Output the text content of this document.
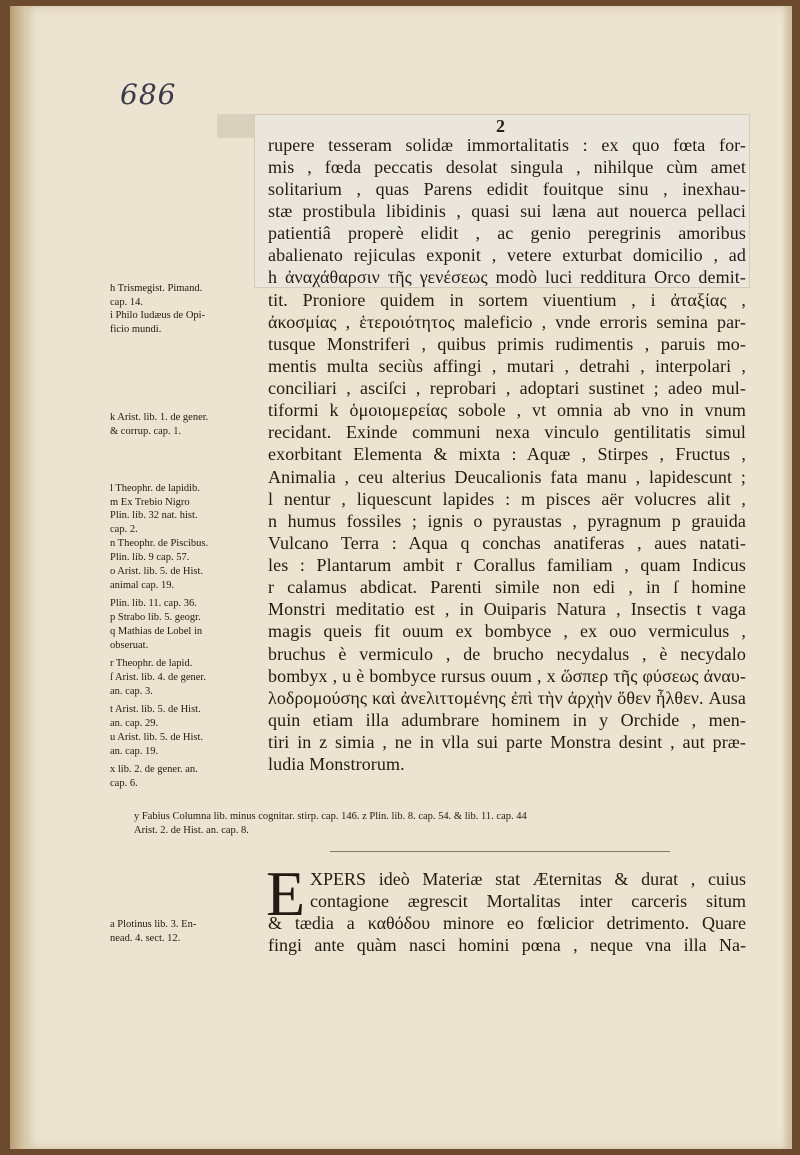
686
2
rupere tesseram solidæ immortalitatis : ex quo fœta for-
mis , fœda peccatis desolat singula , nihilque cùm amet
solitarium , quas Parens edidit fouitque sinu , inexhau-
stæ prostibula libidinis , quasi sui læna aut nouerca pellaci
patientiâ properè elidit , ac genio peregrinis amoribus
abalienato rejiculas exponit , vetere exturbat domicilio , ad
h ἀναχάθαρσιν τῆς γενέσεως modò luci redditura Orco demit-
tit. Proniore quidem in sortem viuentium , i ἀταξίας ,
ἀκοσμίας , ἑτεροιότητος maleficio , vnde erroris semina par-
tusque Monstriferi , quibus primis rudimentis , paruis mo-
mentis multa seciùs affingi , mutari , detrahi , interpolari ,
conciliari , asciſci , reprobari , adoptari sustinet ; adeo mul-
tiformi k ὁμοιομερείας sobole , vt omnia ab vno in vnum
recidant. Exinde communi nexa vinculo gentilitatis simul
exorbitant Elementa & mixta : Aquæ , Stirpes , Fructus ,
Animalia , ceu alterius Deucalionis fata manu , lapidescunt ;
l nentur , liquescunt lapides : m pisces aër volucres alit ,
n humus fossiles ; ignis o pyraustas , pyragnum p grauida
Vulcano Terra : Aqua q conchas anatiferas , aues natati-
les : Plantarum ambit r Corallus familiam , quam Indicus
r calamus abdicat. Parenti simile non edi , in ſ homine
Monstri meditatio est , in Ouiparis Natura , Insectis t vaga
magis queis fit ouum ex bombyce , ex ouo vermiculus ,
bruchus è vermiculo , de brucho necydalus , è necydalo
bombyx , u è bombyce rursus ouum , x ὥσπερ τῆς φύσεως ἀναυ-
λοδρομούσης καὶ ἀνελιττομένης ἐπὶ τὴν ἀρχὴν ὅθεν ἦλθεν. Ausa
quin etiam illa adumbrare hominem in y Orchide , men-
tiri in z simia , ne in vlla sui parte Monstra desint , aut præ-
ludia Monstrorum.
h Trismegist. Pimand.
cap. 14.
i Philo Iudæus de Opi-
ficio mundi.
k Arist. lib. 1. de gener.
& corrup. cap. 1.
l Theophr. de lapidib.
m Ex Trebio Nigro
Plin. lib. 32 nat. hist.
cap. 2.
n Theophr. de Piscibus.
Plin. lib. 9 cap. 57.
o Arist. lib. 5. de Hist.
animal cap. 19.
Plin. lib. 11. cap. 36.
p Strabo lib. 5. geogr.
q Mathias de Lobel in
obseruat.
r Theophr. de lapid.
ſ Arist. lib. 4. de gener.
an. cap. 3.
t Arist. lib. 5. de Hist.
an. cap. 29.
u Arist. lib. 5. de Hist.
an. cap. 19.
x lib. 2. de gener. an.
cap. 6.
y Fabius Columna lib. minus cognitar. stirp. cap. 146. z Plin. lib. 8. cap. 54. & lib. 11. cap. 44
Arist. 2. de Hist. an. cap. 8.
E XPERS ideò Materiæ stat Æternitas & durat , cuius
contagione ægrescit Mortalitas inter carceris situm
& tædia a καθόδου minore eo fœlicior detrimento. Quare
fingi ante quàm nasci homini pœna , neque vna illa Na-
a Plotinus lib. 3. En-
nead. 4. sect. 12.
